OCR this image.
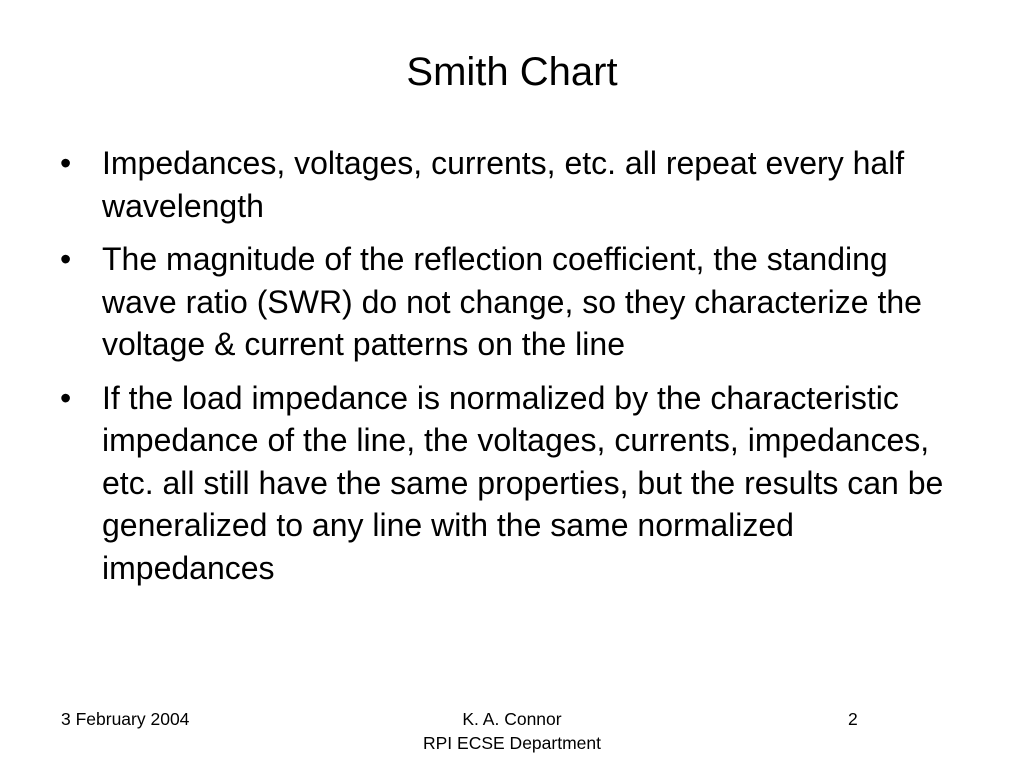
Smith Chart
• Impedances, voltages, currents, etc. all repeat every half wavelength
• The magnitude of the reflection coefficient, the standing wave ratio (SWR) do not change, so they characterize the voltage & current patterns on the line
• If the load impedance is normalized by the characteristic impedance of the line, the voltages, currents, impedances, etc. all still have the same properties, but the results can be generalized to any line with the same normalized impedances
3 February 2004	K. A. Connor
RPI ECSE Department
2
